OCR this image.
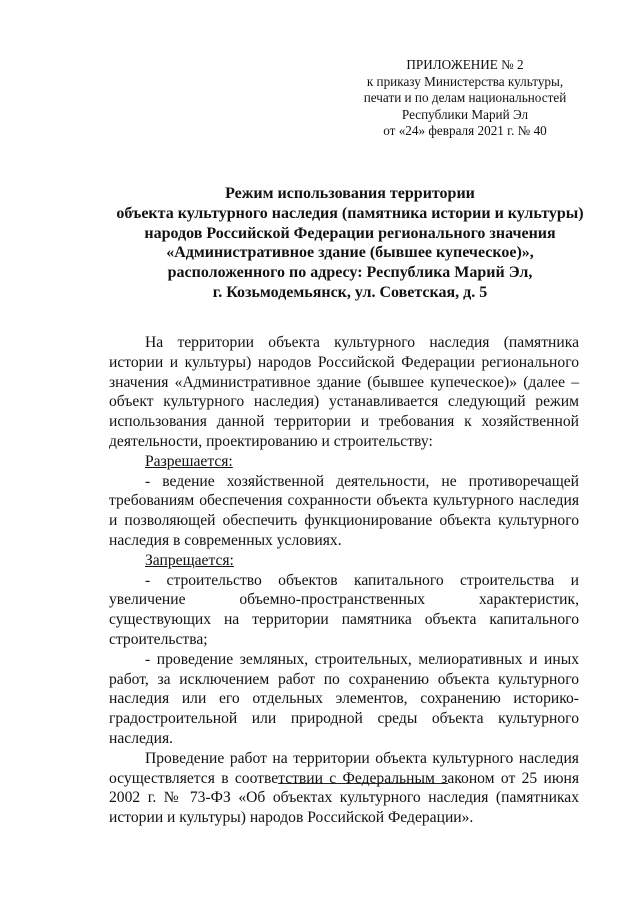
ПРИЛОЖЕНИЕ № 2
к приказу Министерства культуры,
печати и по делам национальностей
Республики Марий Эл
от «24» февраля 2021 г. № 40
Режим использования территории
объекта культурного наследия (памятника истории и культуры)
народов Российской Федерации регионального значения
«Административное здание (бывшее купеческое)»,
расположенного по адресу: Республика Марий Эл,
г. Козьмодемьянск, ул. Советская, д. 5

На территории объекта культурного наследия (памятника истории и культуры) народов Российской Федерации регионального значения «Административное здание (бывшее купеческое)» (далее – объект культурного наследия) устанавливается следующий режим использования данной территории и требования к хозяйственной деятельности, проектированию и строительству:

Разрешается:

- ведение хозяйственной деятельности, не противоречащей требованиям обеспечения сохранности объекта культурного наследия и позволяющей обеспечить функционирование объекта культурного наследия в современных условиях.

Запрещается:

- строительство объектов капитального строительства и увеличение объемно-пространственных характеристик, существующих на территории памятника объекта капитального строительства;

- проведение земляных, строительных, мелиоративных и иных работ, за исключением работ по сохранению объекта культурного наследия или его отдельных элементов, сохранению историко-градостроительной или природной среды объекта культурного наследия.

Проведение работ на территории объекта культурного наследия осуществляется в соответствии с Федеральным законом от 25 июня 2002 г. № 73-ФЗ «Об объектах культурного наследия (памятниках истории и культуры) народов Российской Федерации».
